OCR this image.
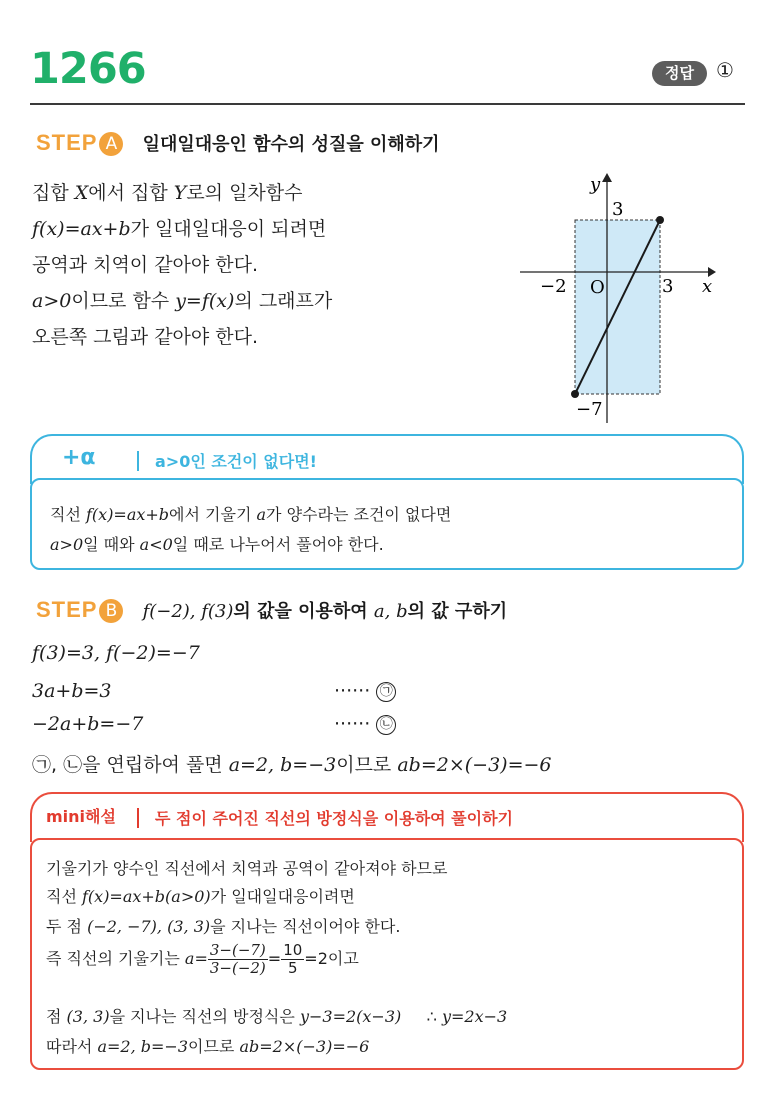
1266	정답	①
STEP A 일대일대응인 함수의 성질을 이해하기
집합 X에서 집합 Y로의 일차함수
f(x)=ax+b가 일대일대응이 되려면
공역과 치역이 같아야 한다.
a>0이므로 함수 y=f(x)의 그래프가
오른쪽 그림과 같아야 한다.
y
x
O
3
−7
−2	3
+α	a>0인 조건이 없다면!
직선 f(x)=ax+b에서 기울기 a가 양수라는 조건이 없다면
a>0일 때와 a<0일 때로 나누어서 풀어야 한다.
STEP B f(−2), f(3)의 값을 이용하여 a, b의 값 구하기
f(3)=3, f(−2)=−7
3a+b=3	······ ㉠
−2a+b=−7	······ ㉡
㉠, ㉡을 연립하여 풀면 a=2, b=−3이므로 ab=2×(−3)=−6
mini해설 두 점이 주어진 직선의 방정식을 이용하여 풀이하기
기울기가 양수인 직선에서 치역과 공역이 같아져야 하므로
직선 f(x)=ax+b(a>0)가 일대일대응이려면
두 점 (−2, −7), (3, 3)을 지나는 직선이어야 한다.
즉 직선의 기울기는 $a= \frac{3-(-7)}{3-(-2)} = \frac{10}{5} =2$이고
점 (3, 3)을 지나는 직선의 방정식은 y−3=2(x−3)     ∴ y=2x−3
따라서 a=2, b=−3이므로 ab=2×(−3)=−6
